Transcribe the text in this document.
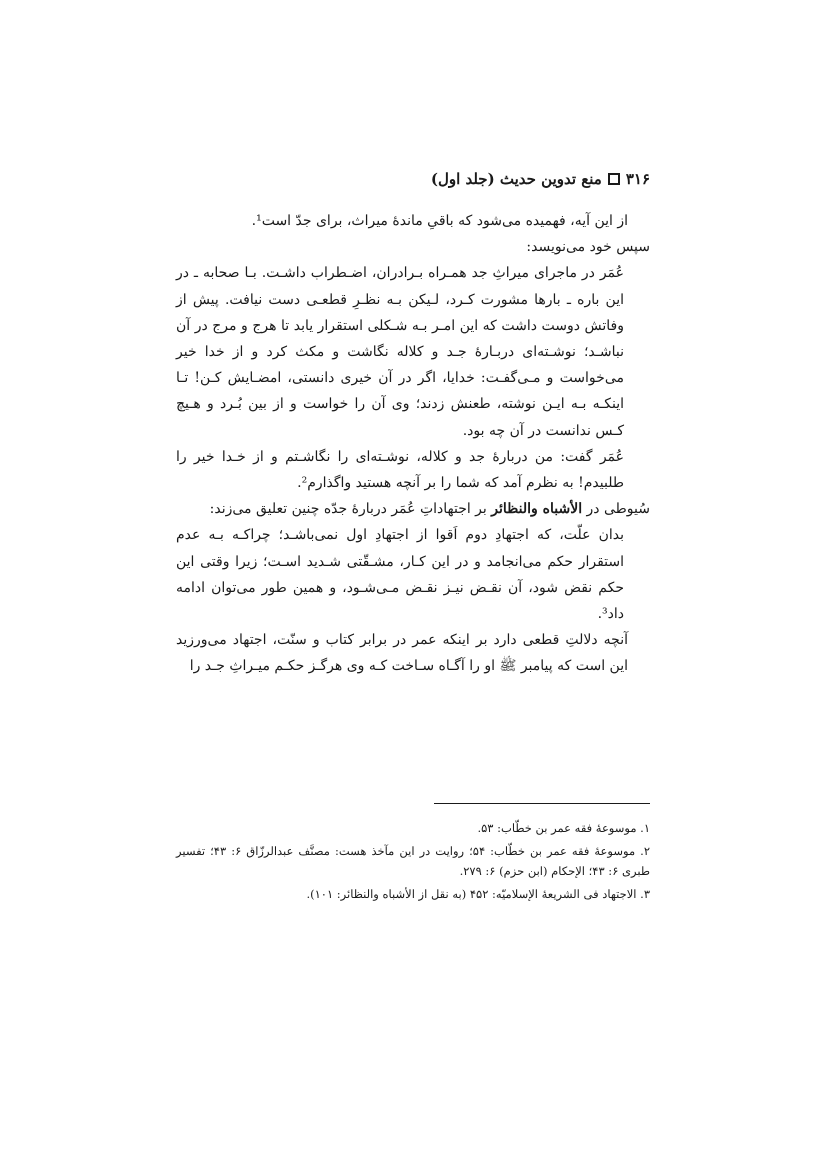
۳۱۶
منع تدوین حدیث (جلد اول)

از این آیه، فهمیده می‌شود که باقیِ ماندهٔ میراث، برای جدّ است¹.

سپس خود می‌نویسد:

عُمَر در ماجرای میراثِ جد همـراه بـرادران، اضـطراب داشـت. بـا صحابه ـ در این باره ـ بارها مشورت کـرد، لـیکن بـه نظـرِ قطعـی دست نیافت. پیش از وفاتش دوست داشت که این امـر بـه شـکلی استقرار یابد تا هرج و مرج در آن نباشـد؛ نوشـته‌ای دربـارهٔ جـد و کلاله نگاشت و مکث کرد و از خدا خیر می‌خواست و مـی‌گفـت: خدایا، اگر در آن خیری دانستی، امضـایش کـن! تـا اینکـه بـه ایـن نوشته، طعنش زدند؛ وی آن را خواست و از بین بُـرد و هـیچ کـس ندانست در آن چه بود.

عُمَر گفت: من دربارهٔ جد و کلاله، نوشـته‌ای را نگاشـتم و از خـدا خیر را طلبیدم! به نظرم آمد که شما را بر آنچه هستید واگذارم².

سُیوطی در الأشباه والنظائر بر اجتهاداتِ عُمَر دربارهٔ جدّه چنین تعلیق می‌زند:

بدان علّت، که اجتهادِ دوم اَقوا از اجتهادِ اول نمی‌باشـد؛ چراکـه بـه عدم استقرار حکم می‌انجامد و در این کـار، مشـقّتی شـدید اسـت؛ زیرا وقتی این حکم نقض شود، آن نقـض نیـز نقـض مـی‌شـود، و همین طور می‌توان ادامه داد³.

آنچه دلالتِ قطعی دارد بر اینکه عمر در برابر کتاب و سنّت، اجتهاد می‌ورزید این است که پیامبر ﷺ او را آگـاه سـاخت کـه وی هرگـز حکـم میـراثِ جـد را

۱. موسوعهٔ فقه عمر بن خطّاب: ۵۳.

۲. موسوعهٔ فقه عمر بن خطّاب: ۵۴؛ روایت در این مآخذ هست: مصنَّف عبدالرزّاق ۶: ۴۳؛ تفسیر طبری ۶: ۴۳؛ الإحکام (ابن حزم) ۶: ۲۷۹.

۳. الاجتهاد فی الشریعهٔ الإسلامیّه: ۴۵۲ (به نقل از الأشباه والنظائر: ۱۰۱).
